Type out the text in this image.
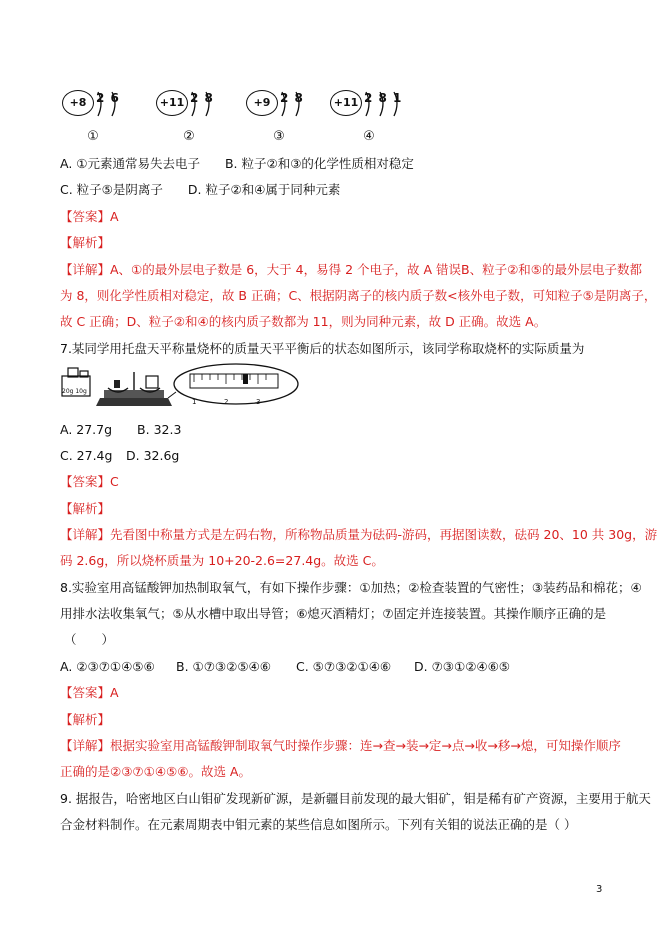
+8 2 6
①
+11 2 8
②
+9 2 8
③
+11 2 8 1
④
A. ①元素通常易失去电子　　B. 粒子②和③的化学性质相对稳定
C. 粒子⑤是阴离子　　D. 粒子②和④属于同种元素
【答案】A
【解析】
【详解】A、①的最外层电子数是 6，大于 4，易得 2 个电子，故 A 错误B、粒子②和⑤的最外层电子数都
为 8，则化学性质相对稳定，故 B 正确；C、根据阴离子的核内质子数<核外电子数，可知粒子⑤是阴离子，
故 C 正确；D、粒子②和④的核内质子数都为 11，则为同种元素，故 D 正确。故选 A。
7.某同学用托盘天平称量烧杯的质量天平平衡后的状态如图所示，该同学称取烧杯的实际质量为
20g 10g
1	2	3
A. 27.7g　　B. 32.3
C. 27.4g D. 32.6g
【答案】C
【解析】
【详解】先看图中称量方式是左码右物，所称物品质量为砝码-游码，再据图读数，砝码 20、10 共 30g，游
码 2.6g，所以烧杯质量为 10+20-2.6=27.4g。故选 C。
8.实验室用高锰酸钾加热制取氧气，有如下操作步骤：①加热；②检查装置的气密性；③装药品和棉花；④
用排水法收集氧气；⑤从水槽中取出导管；⑥熄灭酒精灯；⑦固定并连接装置。其操作顺序正确的是
（　　）
A. ②③⑦①④⑤⑥ B. ①⑦③②⑤④⑥ C. ⑤⑦③②①④⑥ D. ⑦③①②④⑥⑤
【答案】A
【解析】
【详解】根据实验室用高锰酸钾制取氧气时操作步骤：连→查→装→定→点→收→移→熄，可知操作顺序
正确的是②③⑦①④⑤⑥。故选 A。
9. 据报告，哈密地区白山钼矿发现新矿源，是新疆目前发现的最大钼矿，钼是稀有矿产资源，主要用于航天
合金材料制作。在元素周期表中钼元素的某些信息如图所示。下列有关钼的说法正确的是（ ）
3
